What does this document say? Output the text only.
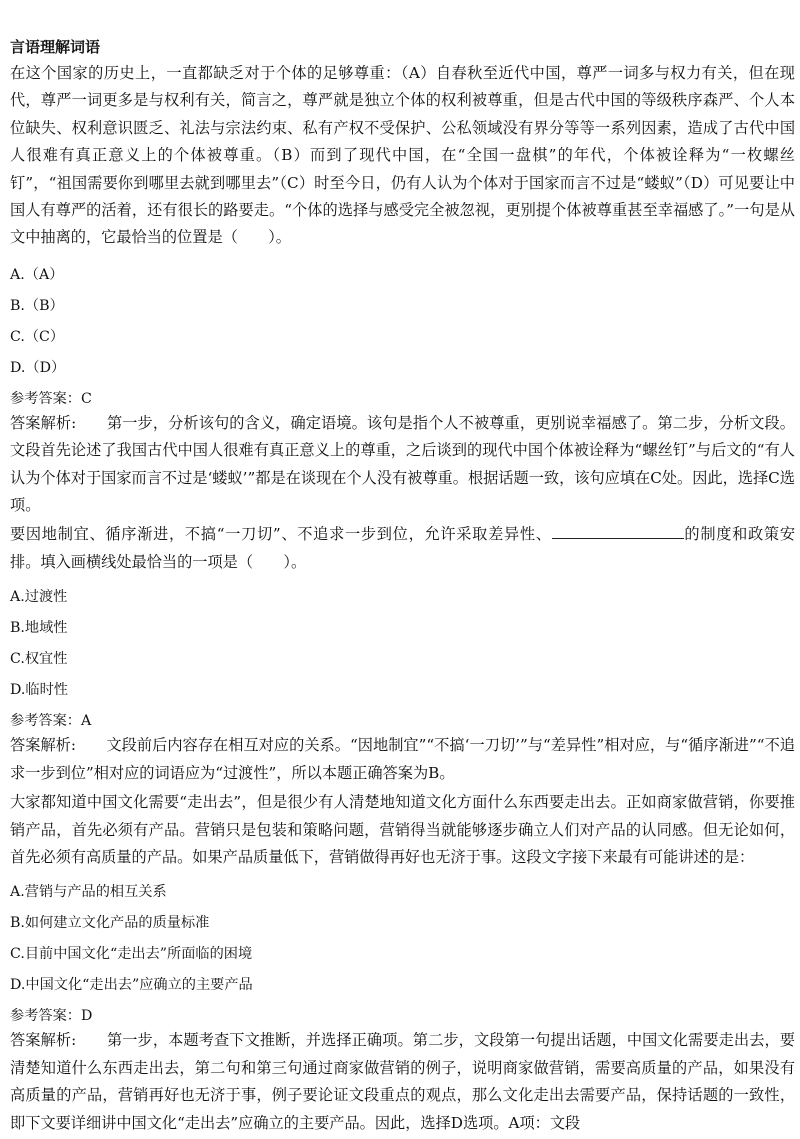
言语理解词语

在这个国家的历史上，一直都缺乏对于个体的足够尊重：（A）自春秋至近代中国，尊严一词多与权力有关，但在现代，尊严一词更多是与权利有关，简言之，尊严就是独立个体的权利被尊重，但是古代中国的等级秩序森严、个人本位缺失、权利意识匮乏、礼法与宗法约束、私有产权不受保护、公私领域没有界分等等一系列因素，造成了古代中国人很难有真正意义上的个体被尊重。（B）而到了现代中国，在“全国一盘棋”的年代，个体被诠释为“一枚螺丝钉”，“祖国需要你到哪里去就到哪里去”（C）时至今日，仍有人认为个体对于国家而言不过是“蝼蚁”（D）可见要让中国人有尊严的活着，还有很长的路要走。“个体的选择与感受完全被忽视，更别提个体被尊重甚至幸福感了。”一句是从文中抽离的，它最恰当的位置是（　　）。

A.（A）
B.（B）
C.（C）
D.（D）
参考答案：C

答案解析:　　第一步，分析该句的含义，确定语境。该句是指个人不被尊重，更别说幸福感了。第二步，分析文段。文段首先论述了我国古代中国人很难有真正意义上的尊重，之后谈到的现代中国个体被诠释为“螺丝钉”与后文的“有人认为个体对于国家而言不过是‘蝼蚁’”都是在谈现在个人没有被尊重。根据话题一致，该句应填在C处。因此，选择C选项。

要因地制宜、循序渐进，不搞“一刀切”、不追求一步到位，允许采取差异性、	的制度和政策安排。填入画横线处最恰当的一项是（　　）。

A.过渡性
B.地域性
C.权宜性
D.临时性
参考答案：A

答案解析:　　文段前后内容存在相互对应的关系。“因地制宜”“不搞‘一刀切’”与“差异性”相对应，与“循序渐进”“不追求一步到位”相对应的词语应为“过渡性”，所以本题正确答案为B。

大家都知道中国文化需要“走出去”，但是很少有人清楚地知道文化方面什么东西要走出去。正如商家做营销，你要推销产品，首先必须有产品。营销只是包装和策略问题，营销得当就能够逐步确立人们对产品的认同感。但无论如何，首先必须有高质量的产品。如果产品质量低下，营销做得再好也无济于事。这段文字接下来最有可能讲述的是：

A.营销与产品的相互关系
B.如何建立文化产品的质量标准
C.目前中国文化“走出去”所面临的困境
D.中国文化“走出去”应确立的主要产品
参考答案：D

答案解析:　　第一步，本题考查下文推断，并选择正确项。第二步，文段第一句提出话题，中国文化需要走出去，要清楚知道什么东西走出去，第二句和第三句通过商家做营销的例子，说明商家做营销，需要高质量的产品，如果没有高质量的产品，营销再好也无济于事，例子要论证文段重点的观点，那么文化走出去需要产品，保持话题的一致性，即下文要详细讲中国文化“走出去”应确立的主要产品。因此，选择D选项。A项：文段
